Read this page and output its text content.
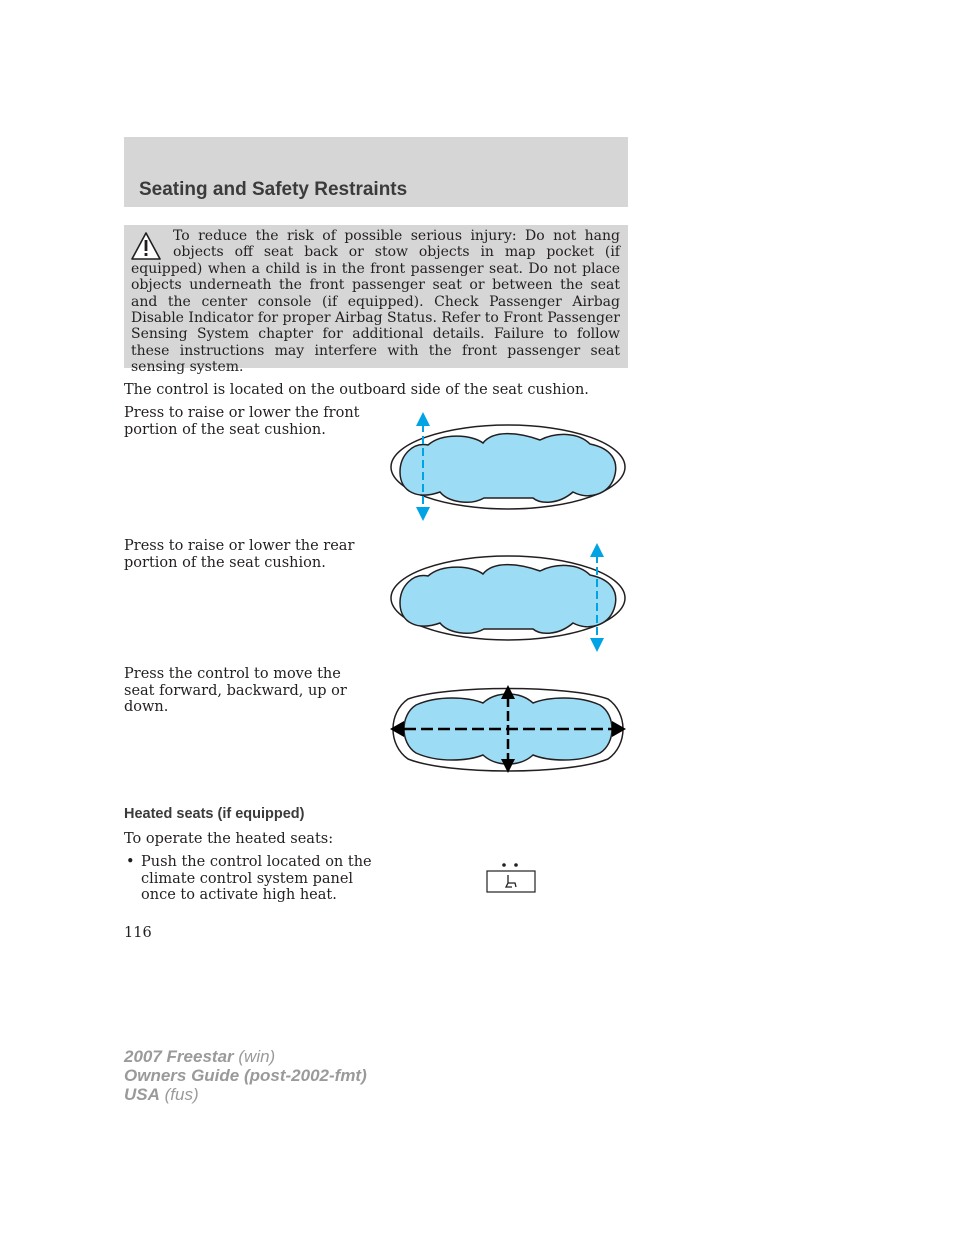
Seating and Safety Restraints

To reduce the risk of possible serious injury: Do not hang objects off seat back or stow objects in map pocket (if equipped) when a child is in the front passenger seat. Do not place objects underneath the front passenger seat or between the seat and the center console (if equipped). Check Passenger Airbag Disable Indicator for proper Airbag Status. Refer to Front Passenger Sensing System chapter for additional details. Failure to follow these instructions may interfere with the front passenger seat sensing system.

The control is located on the outboard side of the seat cushion.

Press to raise or lower the front portion of the seat cushion.

Press to raise or lower the rear portion of the seat cushion.

Press the control to move the seat forward, backward, up or down.

Heated seats (if equipped)

To operate the heated seats:

• Push the control located on the climate control system panel once to activate high heat.

116

2007 Freestar (win)
Owners Guide (post-2002-fmt)
USA (fus)
